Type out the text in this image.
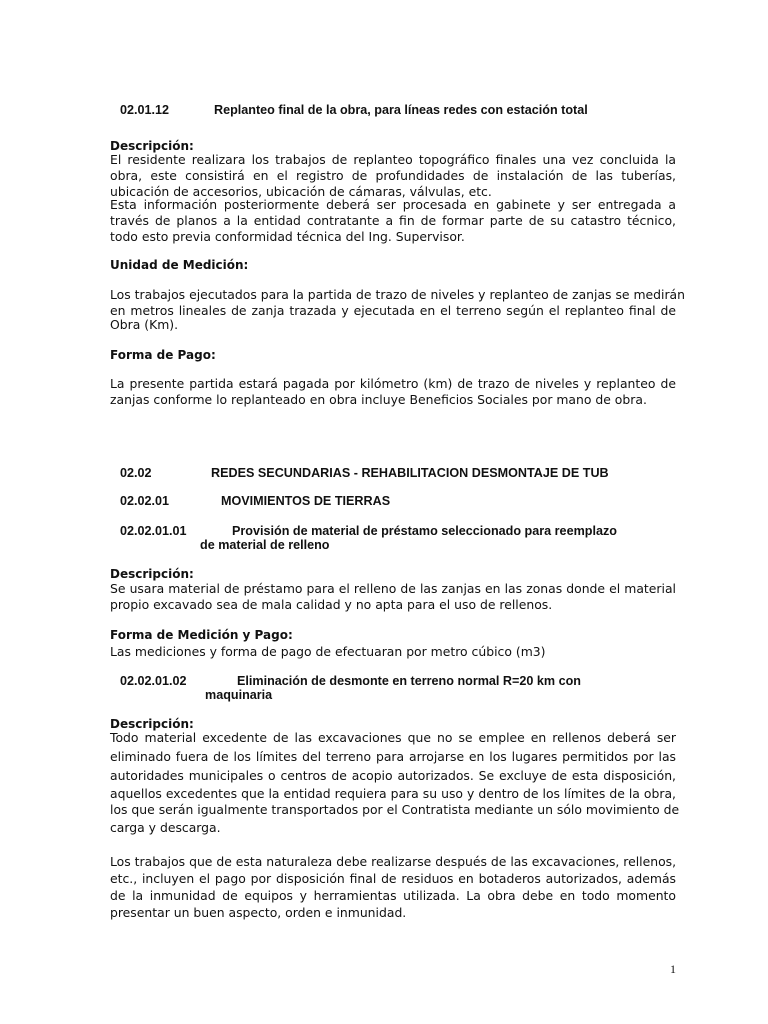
02.01.12	Replanteo final de la obra, para líneas redes con estación total
Descripción:
El residente realizara los trabajos de replanteo topográfico finales una vez concluida la
obra, este consistirá en el registro de profundidades de instalación de las tuberías,
ubicación de accesorios, ubicación de cámaras, válvulas, etc.
Esta información posteriormente deberá ser procesada en gabinete y ser entregada a
través de planos a la entidad contratante a fin de formar parte de su catastro técnico,
todo esto previa conformidad técnica del Ing. Supervisor.
Unidad de Medición:
Los trabajos ejecutados para la partida de trazo de niveles y replanteo de zanjas se medirán
en metros lineales de zanja trazada y ejecutada en el terreno según el replanteo final de
Obra (Km).
Forma de Pago:
La presente partida estará pagada por kilómetro (km) de trazo de niveles y replanteo de
zanjas conforme lo replanteado en obra incluye Beneficios Sociales por mano de obra.
02.02	REDES SECUNDARIAS - REHABILITACION DESMONTAJE DE TUB
02.02.01	MOVIMIENTOS DE TIERRAS
02.02.01.01	Provisión de material de préstamo seleccionado para reemplazo
de material de relleno
Descripción:
Se usara material de préstamo para el relleno de las zanjas en las zonas donde el material
propio excavado sea de mala calidad y no apta para el uso de rellenos.
Forma de Medición y Pago:
Las mediciones y forma de pago de efectuaran por metro cúbico (m3)
02.02.01.02	Eliminación de desmonte en terreno normal R=20 km con
maquinaria
Descripción:
Todo material excedente de las excavaciones que no se emplee en rellenos deberá ser
eliminado fuera de los límites del terreno para arrojarse en los lugares permitidos por las
autoridades municipales o centros de acopio autorizados. Se excluye de esta disposición,
aquellos excedentes que la entidad requiera para su uso y dentro de los límites de la obra,
los que serán igualmente transportados por el Contratista mediante un sólo movimiento de
carga y descarga.
Los trabajos que de esta naturaleza debe realizarse después de las excavaciones, rellenos,
etc., incluyen el pago por disposición final de residuos en botaderos autorizados, además
de la inmunidad de equipos y herramientas utilizada. La obra debe en todo momento
presentar un buen aspecto, orden e inmunidad.
1
